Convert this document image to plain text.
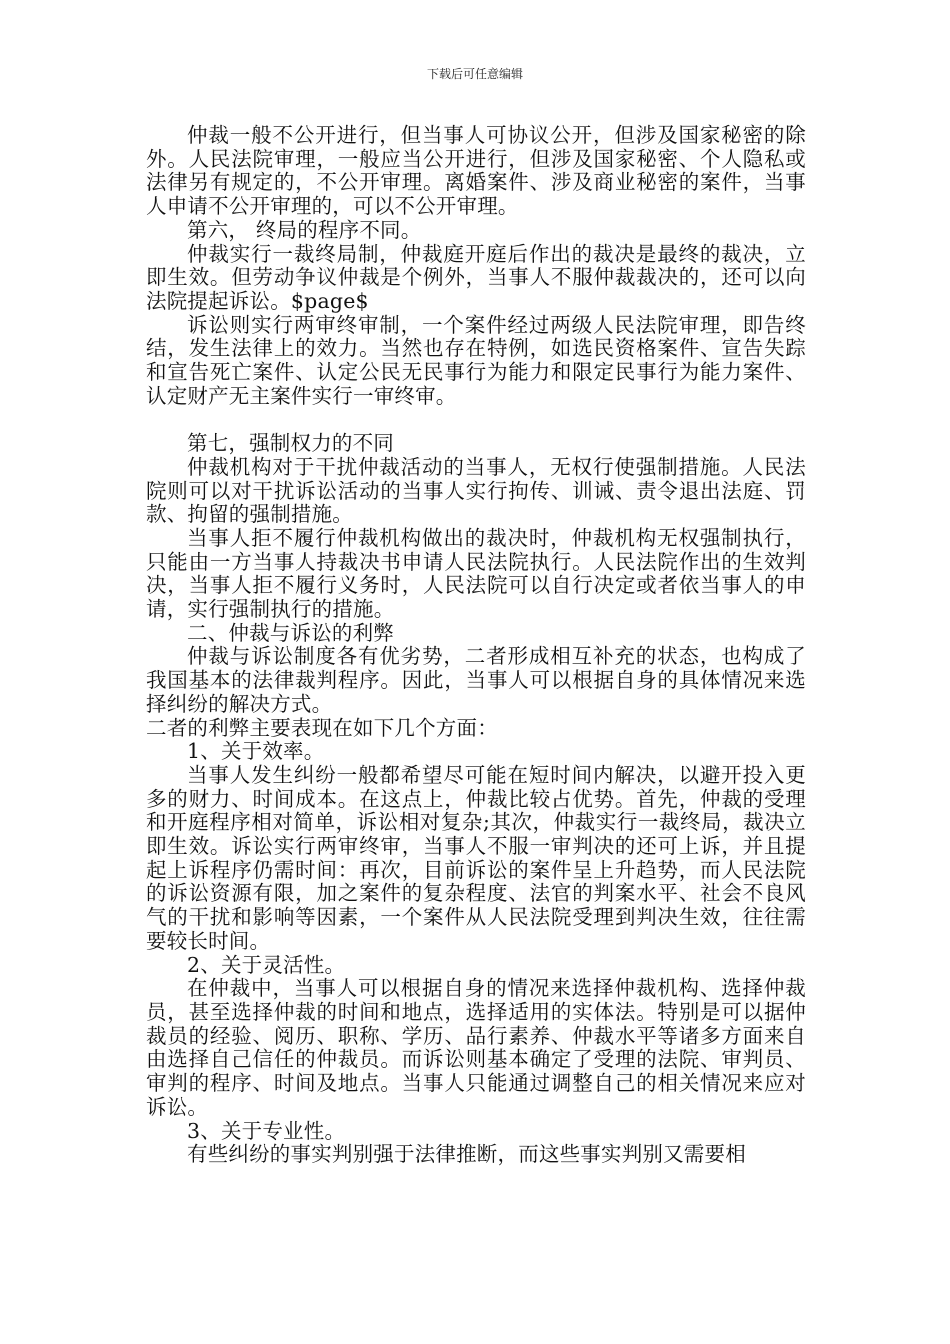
下载后可任意编辑

仲裁一般不公开进行，但当事人可协议公开，但涉及国家秘密的除外。人民法院审理，一般应当公开进行，但涉及国家秘密、个人隐私或法律另有规定的，不公开审理。离婚案件、涉及商业秘密的案件，当事人申请不公开审理的，可以不公开审理。

第六， 终局的程序不同。

仲裁实行一裁终局制，仲裁庭开庭后作出的裁决是最终的裁决，立即生效。但劳动争议仲裁是个例外，当事人不服仲裁裁决的，还可以向法院提起诉讼。$page$

诉讼则实行两审终审制，一个案件经过两级人民法院审理，即告终结，发生法律上的效力。当然也存在特例，如选民资格案件、宣告失踪和宣告死亡案件、认定公民无民事行为能力和限定民事行为能力案件、认定财产无主案件实行一审终审。

第七，强制权力的不同

仲裁机构对于干扰仲裁活动的当事人，无权行使强制措施。人民法院则可以对干扰诉讼活动的当事人实行拘传、训诫、责令退出法庭、罚款、拘留的强制措施。

当事人拒不履行仲裁机构做出的裁决时，仲裁机构无权强制执行，只能由一方当事人持裁决书申请人民法院执行。人民法院作出的生效判决，当事人拒不履行义务时，人民法院可以自行决定或者依当事人的申请，实行强制执行的措施。

二、仲裁与诉讼的利弊

仲裁与诉讼制度各有优劣势，二者形成相互补充的状态，也构成了我国基本的法律裁判程序。因此，当事人可以根据自身的具体情况来选择纠纷的解决方式。

二者的利弊主要表现在如下几个方面：

1、关于效率。

当事人发生纠纷一般都希望尽可能在短时间内解决，以避开投入更多的财力、时间成本。在这点上，仲裁比较占优势。首先，仲裁的受理和开庭程序相对简单，诉讼相对复杂;其次，仲裁实行一裁终局，裁决立即生效。诉讼实行两审终审，当事人不服一审判决的还可上诉，并且提起上诉程序仍需时间：再次，目前诉讼的案件呈上升趋势，而人民法院的诉讼资源有限，加之案件的复杂程度、法官的判案水平、社会不良风气的干扰和影响等因素，一个案件从人民法院受理到判决生效，往往需要较长时间。

2、关于灵活性。

在仲裁中，当事人可以根据自身的情况来选择仲裁机构、选择仲裁员，甚至选择仲裁的时间和地点，选择适用的实体法。特别是可以据仲裁员的经验、阅历、职称、学历、品行素养、仲裁水平等诸多方面来自由选择自己信任的仲裁员。而诉讼则基本确定了受理的法院、审判员、审判的程序、时间及地点。当事人只能通过调整自己的相关情况来应对诉讼。

3、关于专业性。

有些纠纷的事实判别强于法律推断，而这些事实判别又需要相
